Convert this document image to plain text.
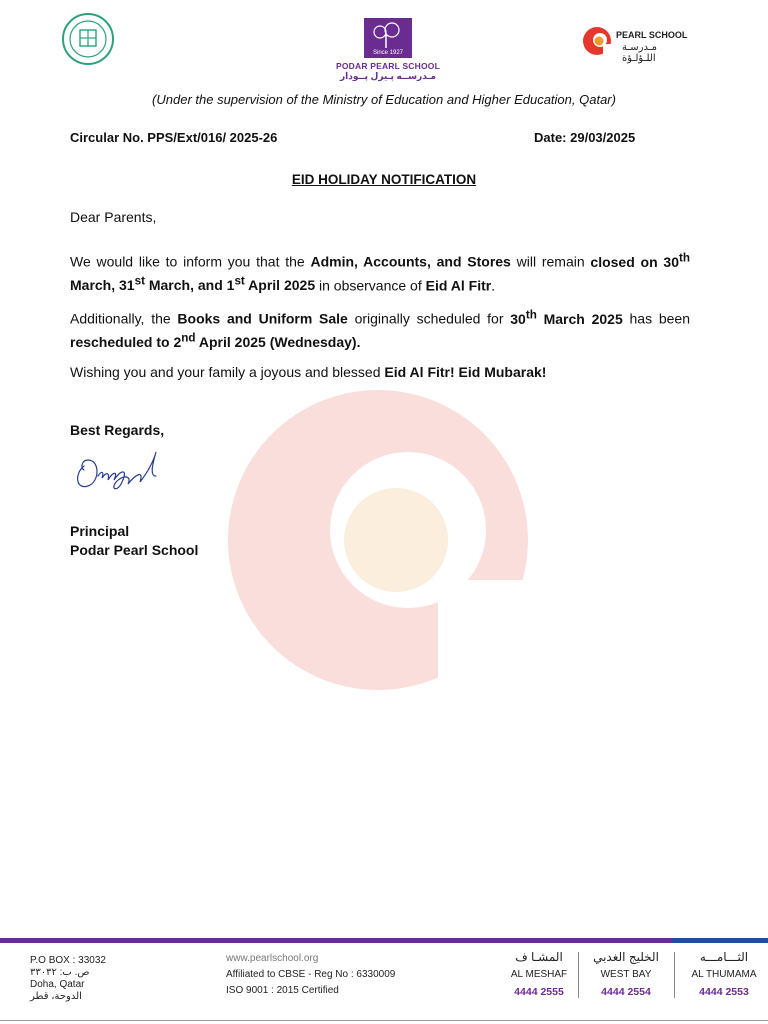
Since 1927
PODAR PEARL SCHOOL
مـدرســه پـيرل پــودار
PEARL SCHOOL
مـدرسـة اللـؤلـؤة
(Under the supervision of the Ministry of Education and Higher Education, Qatar)
Circular No. PPS/Ext/016/ 2025-26	Date: 29/03/2025
EID HOLIDAY NOTIFICATION
Dear Parents,
We would like to inform you that the Admin, Accounts, and Stores will remain closed on 30th March, 31st March, and 1st April 2025 in observance of Eid Al Fitr.
Additionally, the Books and Uniform Sale originally scheduled for 30th March 2025 has been rescheduled to 2nd April 2025 (Wednesday).
Wishing you and your family a joyous and blessed Eid Al Fitr! Eid Mubarak!
Best Regards,
Principal
Podar Pearl School
P.O BOX : 33032
ص. ب: ٣٣٠٣٢
Doha, Qatar
الدوحة، قطر
www.pearlschool.org
Affiliated to CBSE - Reg No : 6330009
ISO 9001 : 2015 Certified
المشـا ف
AL MESHAF
4444 2555
الخليج الغدبي
WEST BAY
4444 2554
الثـــامـــه
AL THUMAMA
4444 2553
